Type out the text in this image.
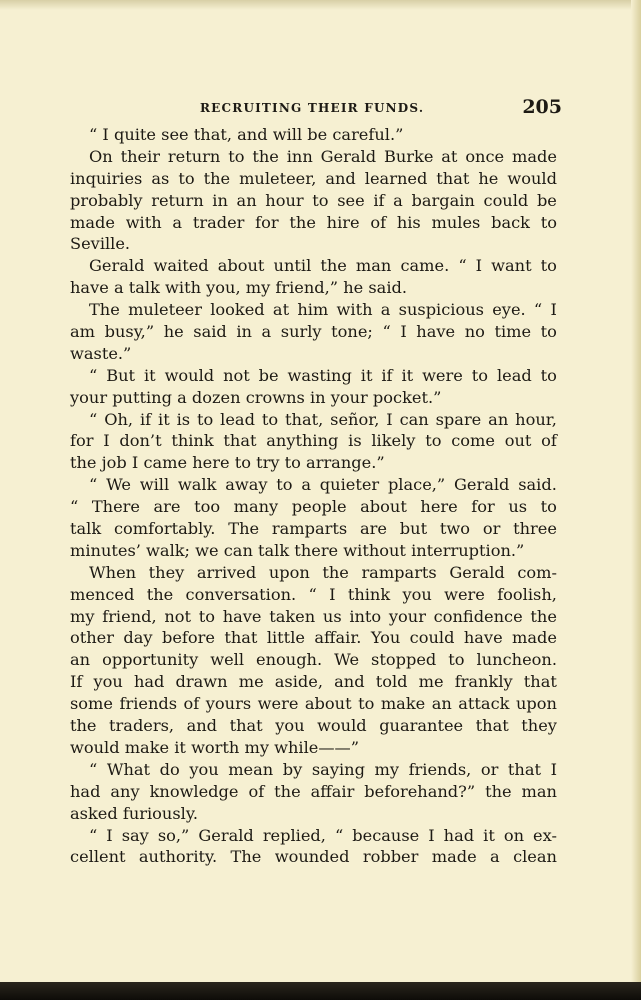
RECRUITING THEIR FUNDS.	205
“ I quite see that, and will be careful.”
On their return to the inn Gerald Burke at once made
inquiries as to the muleteer, and learned that he would
probably return in an hour to see if a bargain could be
made with a trader for the hire of his mules back to
Seville.
Gerald waited about until the man came. “ I want to
have a talk with you, my friend,” he said.
The muleteer looked at him with a suspicious eye. “ I
am busy,” he said in a surly tone; “ I have no time to
waste.”
“ But it would not be wasting it if it were to lead to
your putting a dozen crowns in your pocket.”
“ Oh, if it is to lead to that, señor, I can spare an hour,
for I don’t think that anything is likely to come out of
the job I came here to try to arrange.”
“ We will walk away to a quieter place,” Gerald said.
“ There are too many people about here for us to
talk comfortably. The ramparts are but two or three
minutes’ walk; we can talk there without interruption.”
When they arrived upon the ramparts Gerald com-
menced the conversation. “ I think you were foolish,
my friend, not to have taken us into your confidence the
other day before that little affair. You could have made
an opportunity well enough. We stopped to luncheon.
If you had drawn me aside, and told me frankly that
some friends of yours were about to make an attack upon
the traders, and that you would guarantee that they
would make it worth my while——”
“ What do you mean by saying my friends, or that I
had any knowledge of the affair beforehand?” the man
asked furiously.
“ I say so,” Gerald replied, “ because I had it on ex-
cellent authority. The wounded robber made a clean
